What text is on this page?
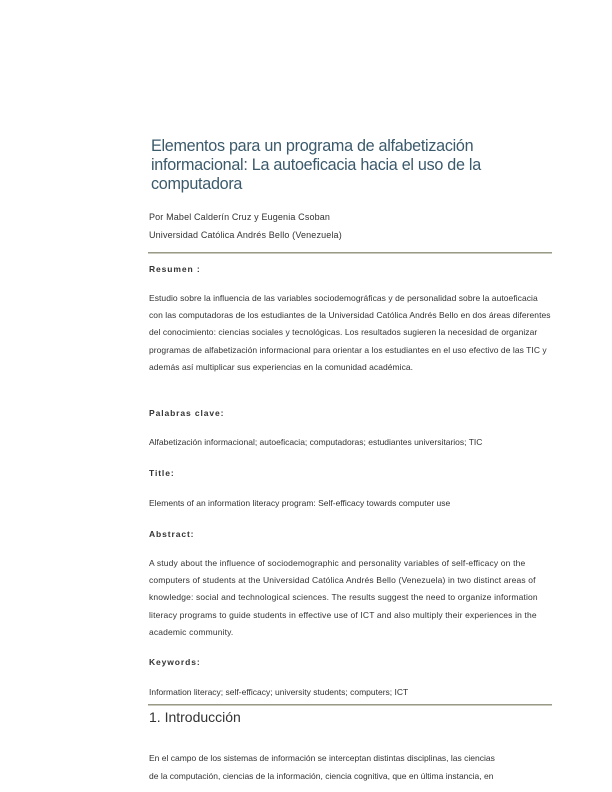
Elementos para un programa de alfabetización informacional: La autoeficacia hacia el uso de la computadora
Por Mabel Calderín Cruz y Eugenia Csoban
Universidad Católica Andrés Bello (Venezuela)
Resumen :

Estudio sobre la influencia de las variables sociodemográficas y de personalidad sobre la autoeficacia con las computadoras de los estudiantes de la Universidad Católica Andrés Bello en dos áreas diferentes del conocimiento: ciencias sociales y tecnológicas. Los resultados sugieren la necesidad de organizar programas de alfabetización informacional para orientar a los estudiantes en el uso efectivo de las TIC y además así multiplicar sus experiencias en la comunidad académica.

Palabras clave:
Alfabetización informacional; autoeficacia; computadoras; estudiantes universitarios; TIC
Title:
Elements of an information literacy program: Self-efficacy towards computer use
Abstract:

A study about the influence of sociodemographic and personality variables of self-efficacy on the computers of students at the Universidad Católica Andrés Bello (Venezuela) in two distinct areas of knowledge: social and technological sciences. The results suggest the need to organize information literacy programs to guide students in effective use of ICT and also multiply their experiences in the academic community.

Keywords:
Information literacy; self-efficacy; university students; computers; ICT
1. Introducción
En el campo de los sistemas de información se interceptan distintas disciplinas, las ciencias
de la computación, ciencias de la información, ciencia cognitiva, que en última instancia, en
